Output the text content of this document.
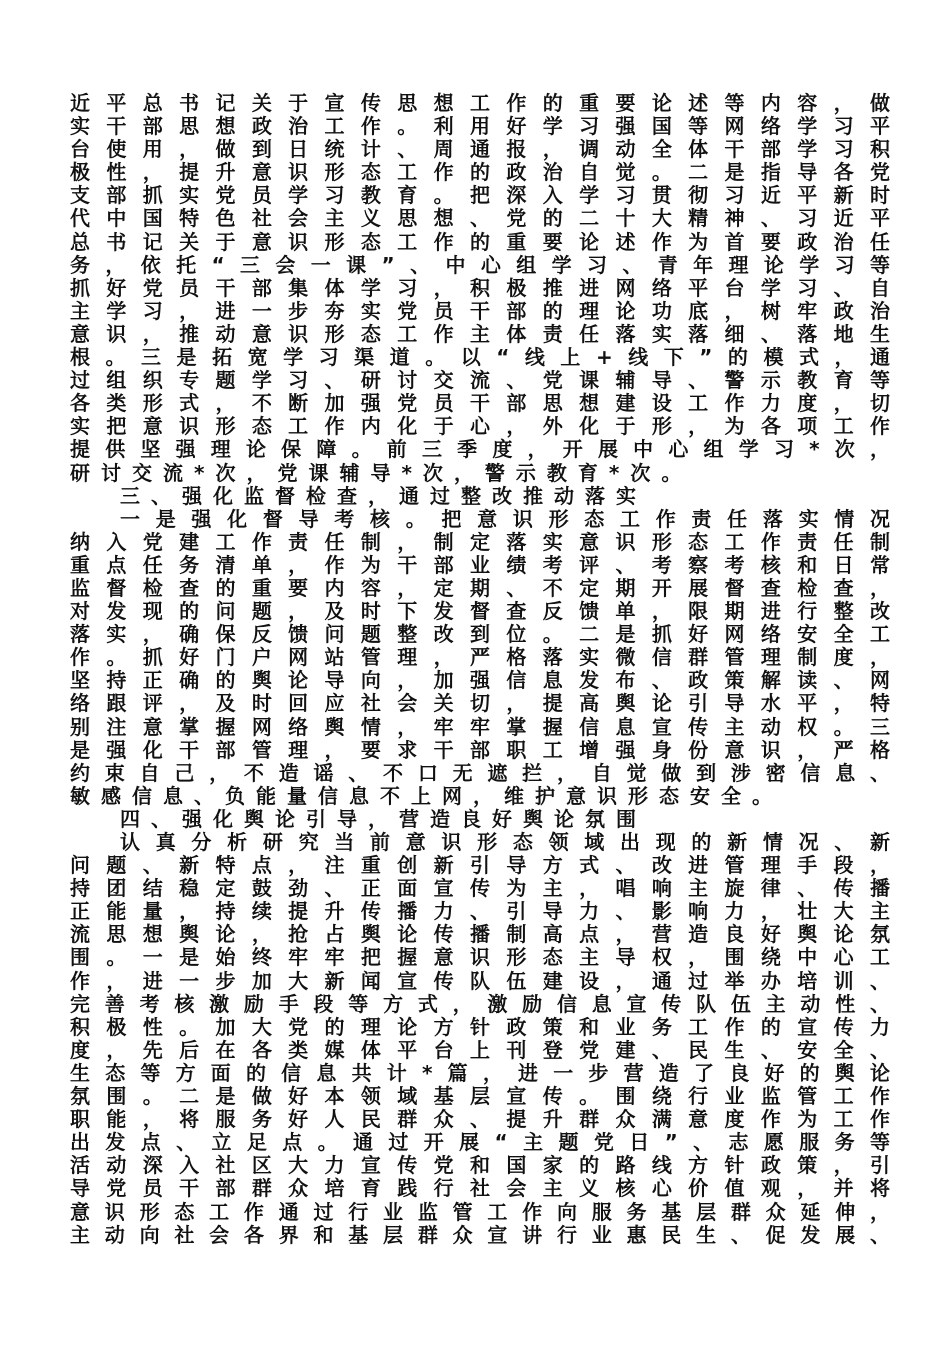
近平总书记关于宣传思想工作的重要论述等内容，做
实干部思想政治工作。利用好学习强国等网络学习平
台使用，做到日统计、周通报，调动全体干部学习积
极性，提升意识形态工作的政治自觉。二是指导各党
支部抓实党员学习教育。把深入学习贯彻习近平新时
代中国特色社会主义思想、党的二十大精神、习近平
总书记关于意识形态工作的重要论述作为首要政治任
务，依托“三会一课”、中心组学习、青年理论学习等
抓好党员干部集体学习，积极推进网络平台学习、自
主学习，进一步夯实党员干部的理论功底，树牢政治
意识，推动意识形态工作主体责任落实落细、落地生
根。三是拓宽学习渠道。以“线上+线下”的模式，通
过组织专题学习、研讨交流、党课辅导、警示教育等
各类形式，不断加强党员干部思想建设工作力度，切
实把意识形态工作内化于心，外化于形，为各项工作
提供坚强理论保障。前三季度，开展中心组学习*次，
研讨交流*次，党课辅导*次，警示教育*次。
三、强化监督检查，通过整改推动落实
一是强化督导考核。把意识形态工作责任落实情况
纳入党建工作责任制，制定落实意识形态工作责任制
重点任务清单，作为干部业绩考评、考察考核和日常
监督检查的重要内容，定期、不定期开展督查检查，
对发现的问题，及时下发督查反馈单，限期进行整改
落实，确保反馈问题整改到位。二是抓好网络安全工
作。抓好门户网站管理，严格落实微信群管理制度，
坚持正确的舆论导向，加强信息发布、政策解读、网
络跟评，及时回应社会关切，提高舆论引导水平，特
别注意掌握网络舆情，牢牢掌握信息宣传主动权。三
是强化干部管理，要求干部职工增强身份意识，严格
约束自己，不造谣、不口无遮拦，自觉做到涉密信息、
敏感信息、负能量信息不上网，维护意识形态安全。
四、强化舆论引导，营造良好舆论氛围
认真分析研究当前意识形态领域出现的新情况、新
问题、新特点，注重创新引导方式、改进管理手段，
持团结稳定鼓劲、正面宣传为主，唱响主旋律、传播
正能量，持续提升传播力、引导力、影响力，壮大主
流思想舆论，抢占舆论传播制高点，营造良好舆论氛
围。一是始终牢牢把握意识形态主导权，围绕中心工
作，进一步加大新闻宣传队伍建设，通过举办培训、
完善考核激励手段等方式，激励信息宣传队伍主动性、
积极性。加大党的理论方针政策和业务工作的宣传力
度，先后在各类媒体平台上刊登党建、民生、安全、
生态等方面的信息共计*篇，进一步营造了良好的舆论
氛围。二是做好本领域基层宣传。围绕行业监管工作
职能，将服务好人民群众、提升群众满意度作为工作
出发点、立足点。通过开展“主题党日”、志愿服务等
活动深入社区大力宣传党和国家的路线方针政策，引
导党员干部群众培育践行社会主义核心价值观，并将
意识形态工作通过行业监管工作向服务基层群众延伸，
主动向社会各界和基层群众宣讲行业惠民生、促发展、
